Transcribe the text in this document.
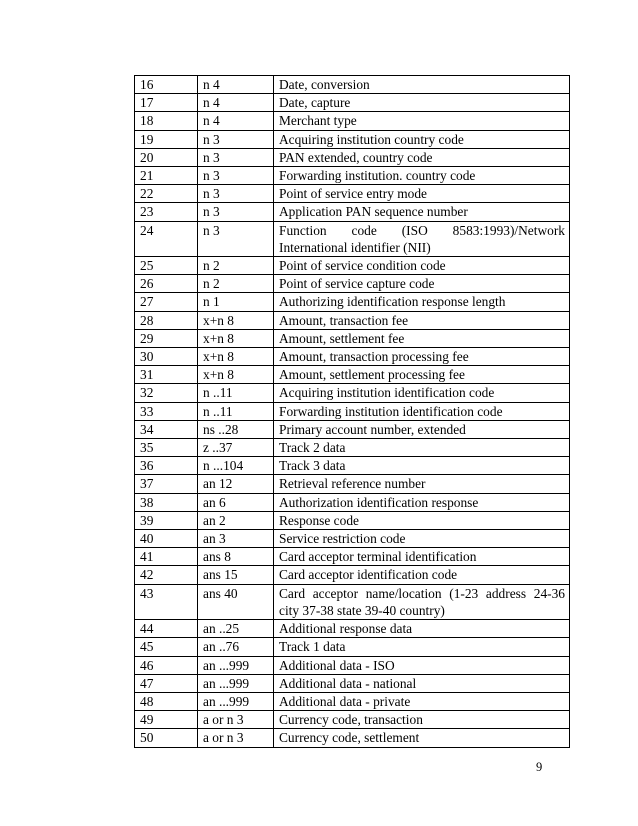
16	n 4	Date, conversion
17	n 4	Date, capture
18	n 4	Merchant type
19	n 3	Acquiring institution country code
20	n 3	PAN extended, country code
21	n 3	Forwarding institution. country code
22	n 3	Point of service entry mode
23	n 3	Application PAN sequence number
24	n 3	Function code (ISO 8583:1993)/Network International identifier (NII)
25	n 2	Point of service condition code
26	n 2	Point of service capture code
27	n 1	Authorizing identification response length
28	x+n 8	Amount, transaction fee
29	x+n 8	Amount, settlement fee
30	x+n 8	Amount, transaction processing fee
31	x+n 8	Amount, settlement processing fee
32	n ..11	Acquiring institution identification code
33	n ..11	Forwarding institution identification code
34	ns ..28	Primary account number, extended
35	z ..37	Track 2 data
36	n ...104	Track 3 data
37	an 12	Retrieval reference number
38	an 6	Authorization identification response
39	an 2	Response code
40	an 3	Service restriction code
41	ans 8	Card acceptor terminal identification
42	ans 15	Card acceptor identification code
43	ans 40	Card acceptor name/location (1-23 address 24-36 city 37-38 state 39-40 country)
44	an ..25	Additional response data
45	an ..76	Track 1 data
46	an ...999	Additional data - ISO
47	an ...999	Additional data - national
48	an ...999	Additional data - private
49	a or n 3	Currency code, transaction
50	a or n 3	Currency code, settlement
9
